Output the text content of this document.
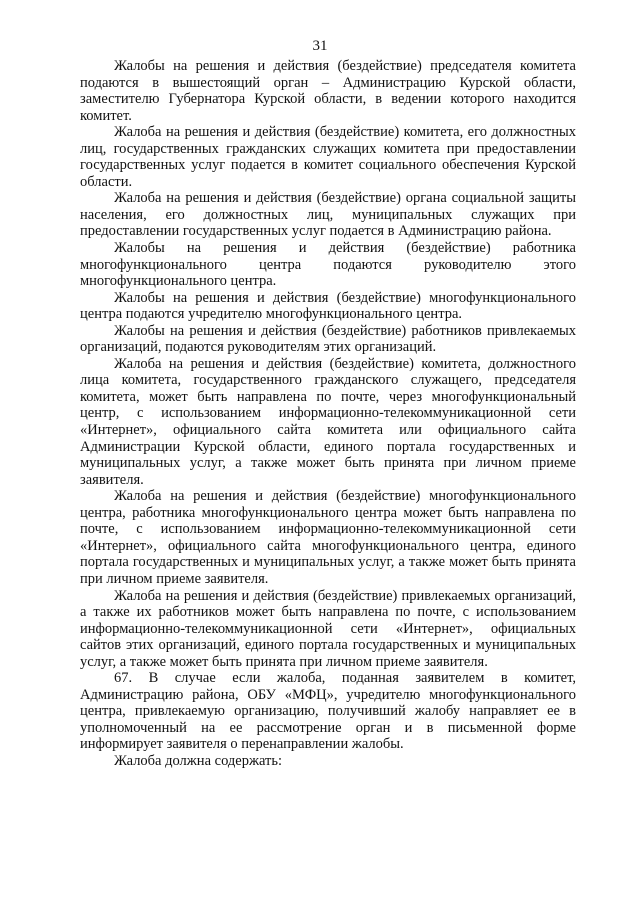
31

Жалобы на решения и действия (бездействие) председателя комитета подаются в вышестоящий орган – Администрацию Курской области, заместителю Губернатора Курской области, в ведении которого находится комитет.

Жалоба на решения и действия (бездействие) комитета, его должностных лиц, государственных гражданских служащих комитета при предоставлении государственных услуг подается в комитет социального обеспечения Курской области.

Жалоба на решения и действия (бездействие) органа социальной защиты населения, его должностных лиц, муниципальных служащих при предоставлении государственных услуг подается в Администрацию района.

Жалобы на решения и действия (бездействие) работника многофункционального центра подаются руководителю этого многофункционального центра.

Жалобы на решения и действия (бездействие) многофункционального центра подаются учредителю многофункционального центра.

Жалобы на решения и действия (бездействие) работников привлекаемых организаций, подаются руководителям этих организаций.

Жалоба на решения и действия (бездействие) комитета, должностного лица комитета, государственного гражданского служащего, председателя комитета, может быть направлена по почте, через многофункциональный центр, с использованием информационно-телекоммуникационной сети «Интернет», официального сайта комитета или официального сайта Администрации Курской области, единого портала государственных и муниципальных услуг, а также может быть принята при личном приеме заявителя.

Жалоба на решения и действия (бездействие) многофункционального центра, работника многофункционального центра может быть направлена по почте, с использованием информационно-телекоммуникационной сети «Интернет», официального сайта многофункционального центра, единого портала государственных и муниципальных услуг, а также может быть принята при личном приеме заявителя.

Жалоба на решения и действия (бездействие) привлекаемых организаций, а также их работников может быть направлена по почте, с использованием информационно-телекоммуникационной сети «Интернет», официальных сайтов этих организаций, единого портала государственных и муниципальных услуг, а также может быть принята при личном приеме заявителя.

67. В случае если жалоба, поданная заявителем в комитет, Администрацию района, ОБУ «МФЦ», учредителю многофункционального центра, привлекаемую организацию, получивший жалобу направляет ее в уполномоченный на ее рассмотрение орган и в письменной форме информирует заявителя о перенаправлении жалобы.

Жалоба должна содержать:
